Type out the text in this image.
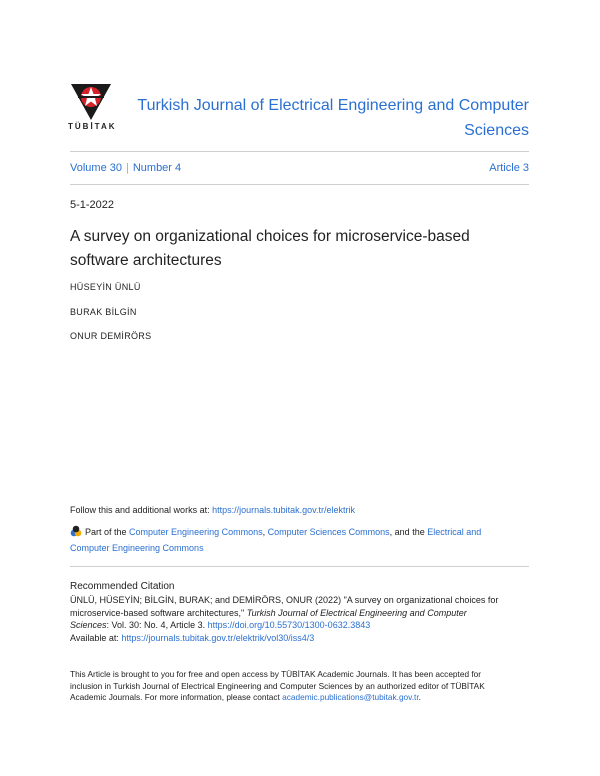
TÜBİTAK
Turkish Journal of Electrical Engineering and Computer
Sciences
Volume 30 | Number 4	Article 3
5-1-2022
A survey on organizational choices for microservice-based
software architectures
HÜSEYİN ÜNLÜ
BURAK BİLGİN
ONUR DEMİRÖRS
Follow this and additional works at: https://journals.tubitak.gov.tr/elektrik
Part of the Computer Engineering Commons, Computer Sciences Commons, and the Electrical and
Computer Engineering Commons
Recommended Citation
ÜNLÜ, HÜSEYİN; BİLGİN, BURAK; and DEMİRÖRS, ONUR (2022) "A survey on organizational choices for
microservice-based software architectures," Turkish Journal of Electrical Engineering and Computer
Sciences: Vol. 30: No. 4, Article 3. https://doi.org/10.55730/1300-0632.3843
Available at: https://journals.tubitak.gov.tr/elektrik/vol30/iss4/3
This Article is brought to you for free and open access by TÜBİTAK Academic Journals. It has been accepted for
inclusion in Turkish Journal of Electrical Engineering and Computer Sciences by an authorized editor of TÜBİTAK
Academic Journals. For more information, please contact academic.publications@tubitak.gov.tr.
